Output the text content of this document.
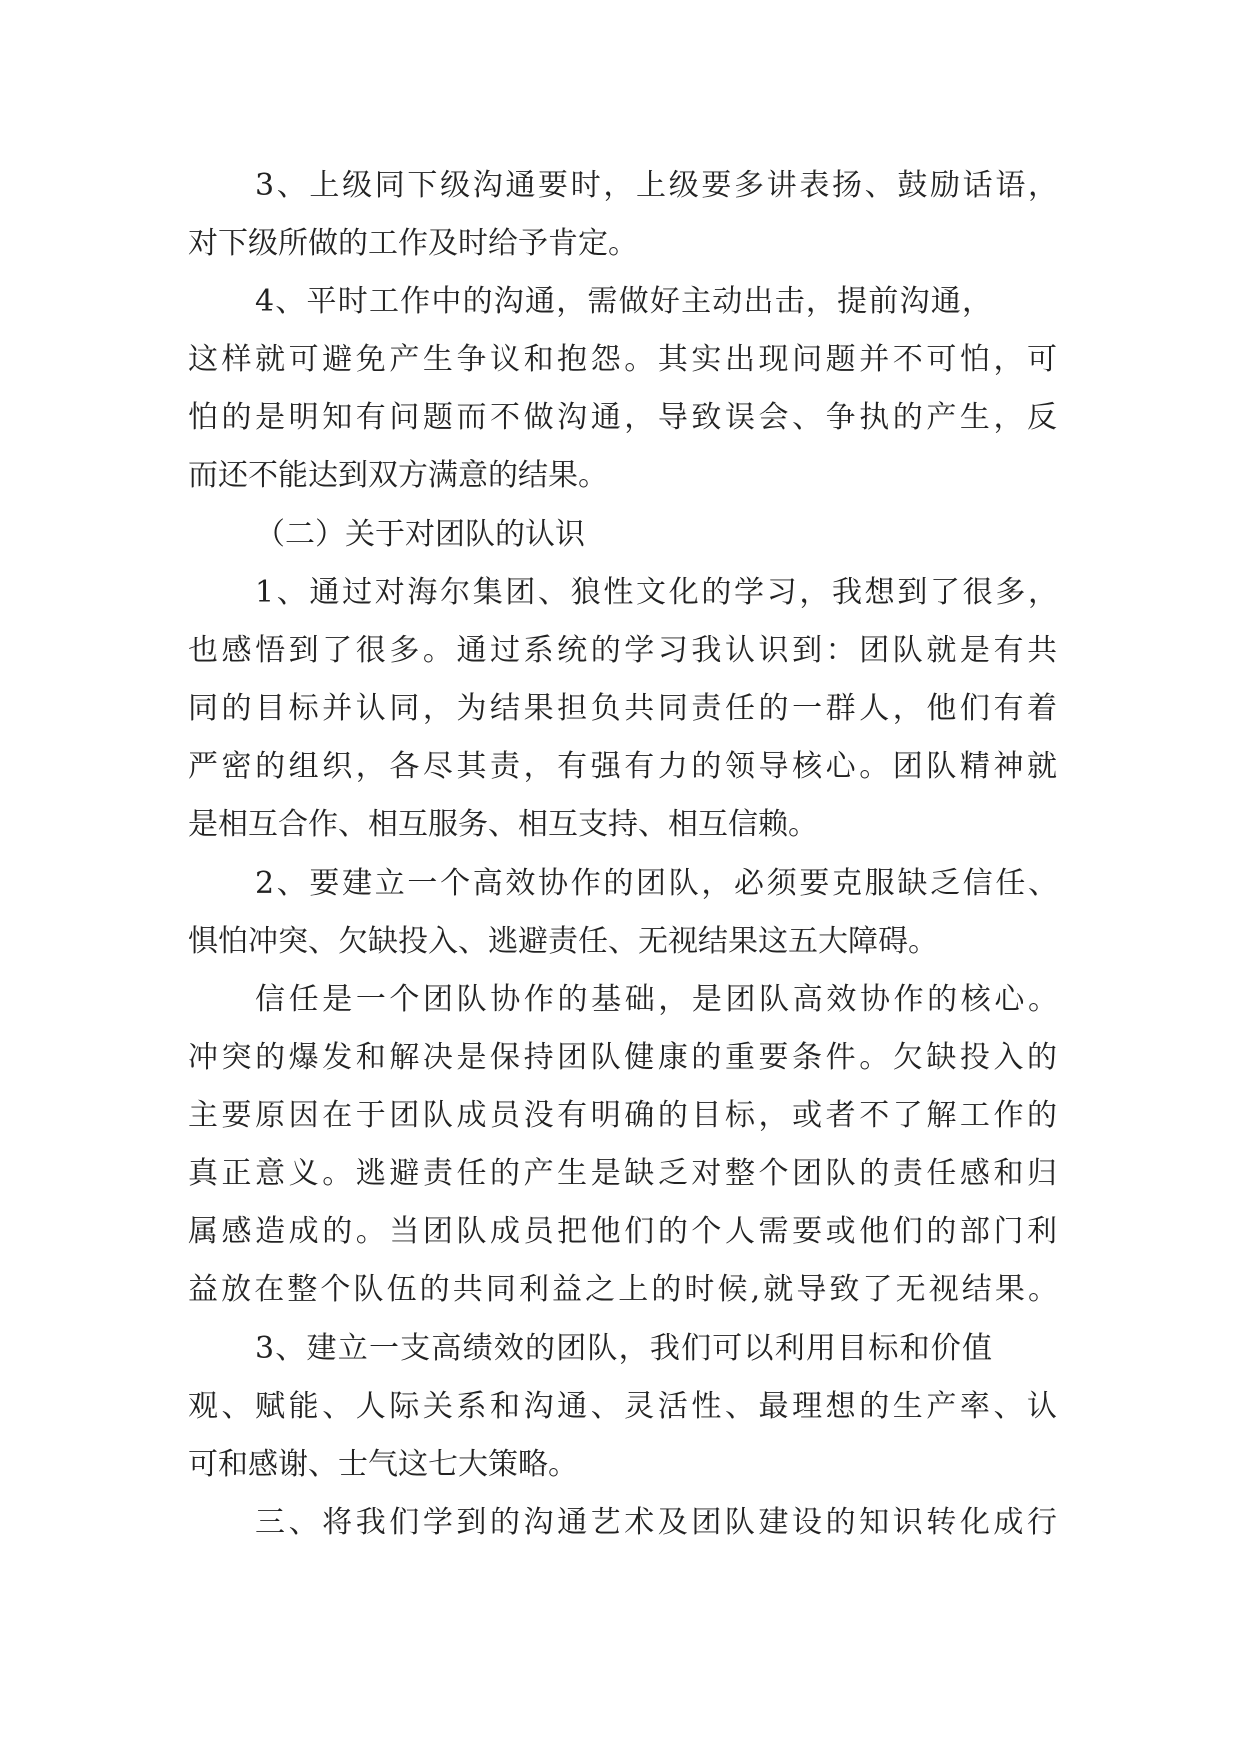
3、上级同下级沟通要时，上级要多讲表扬、鼓励话语，
对下级所做的工作及时给予肯定。
4、平时工作中的沟通，需做好主动出击，提前沟通，
这样就可避免产生争议和抱怨。其实出现问题并不可怕，可
怕的是明知有问题而不做沟通，导致误会、争执的产生，反
而还不能达到双方满意的结果。
（二）关于对团队的认识
1、通过对海尔集团、狼性文化的学习，我想到了很多，
也感悟到了很多。通过系统的学习我认识到：团队就是有共
同的目标并认同，为结果担负共同责任的一群人，他们有着
严密的组织，各尽其责，有强有力的领导核心。团队精神就
是相互合作、相互服务、相互支持、相互信赖。
2、要建立一个高效协作的团队，必须要克服缺乏信任、
惧怕冲突、欠缺投入、逃避责任、无视结果这五大障碍。
信任是一个团队协作的基础，是团队高效协作的核心。
冲突的爆发和解决是保持团队健康的重要条件。欠缺投入的
主要原因在于团队成员没有明确的目标，或者不了解工作的
真正意义。逃避责任的产生是缺乏对整个团队的责任感和归
属感造成的。当团队成员把他们的个人需要或他们的部门利
益放在整个队伍的共同利益之上的时候,就导致了无视结果。
3、建立一支高绩效的团队，我们可以利用目标和价值
观、赋能、人际关系和沟通、灵活性、最理想的生产率、认
可和感谢、士气这七大策略。
三、将我们学到的沟通艺术及团队建设的知识转化成行
